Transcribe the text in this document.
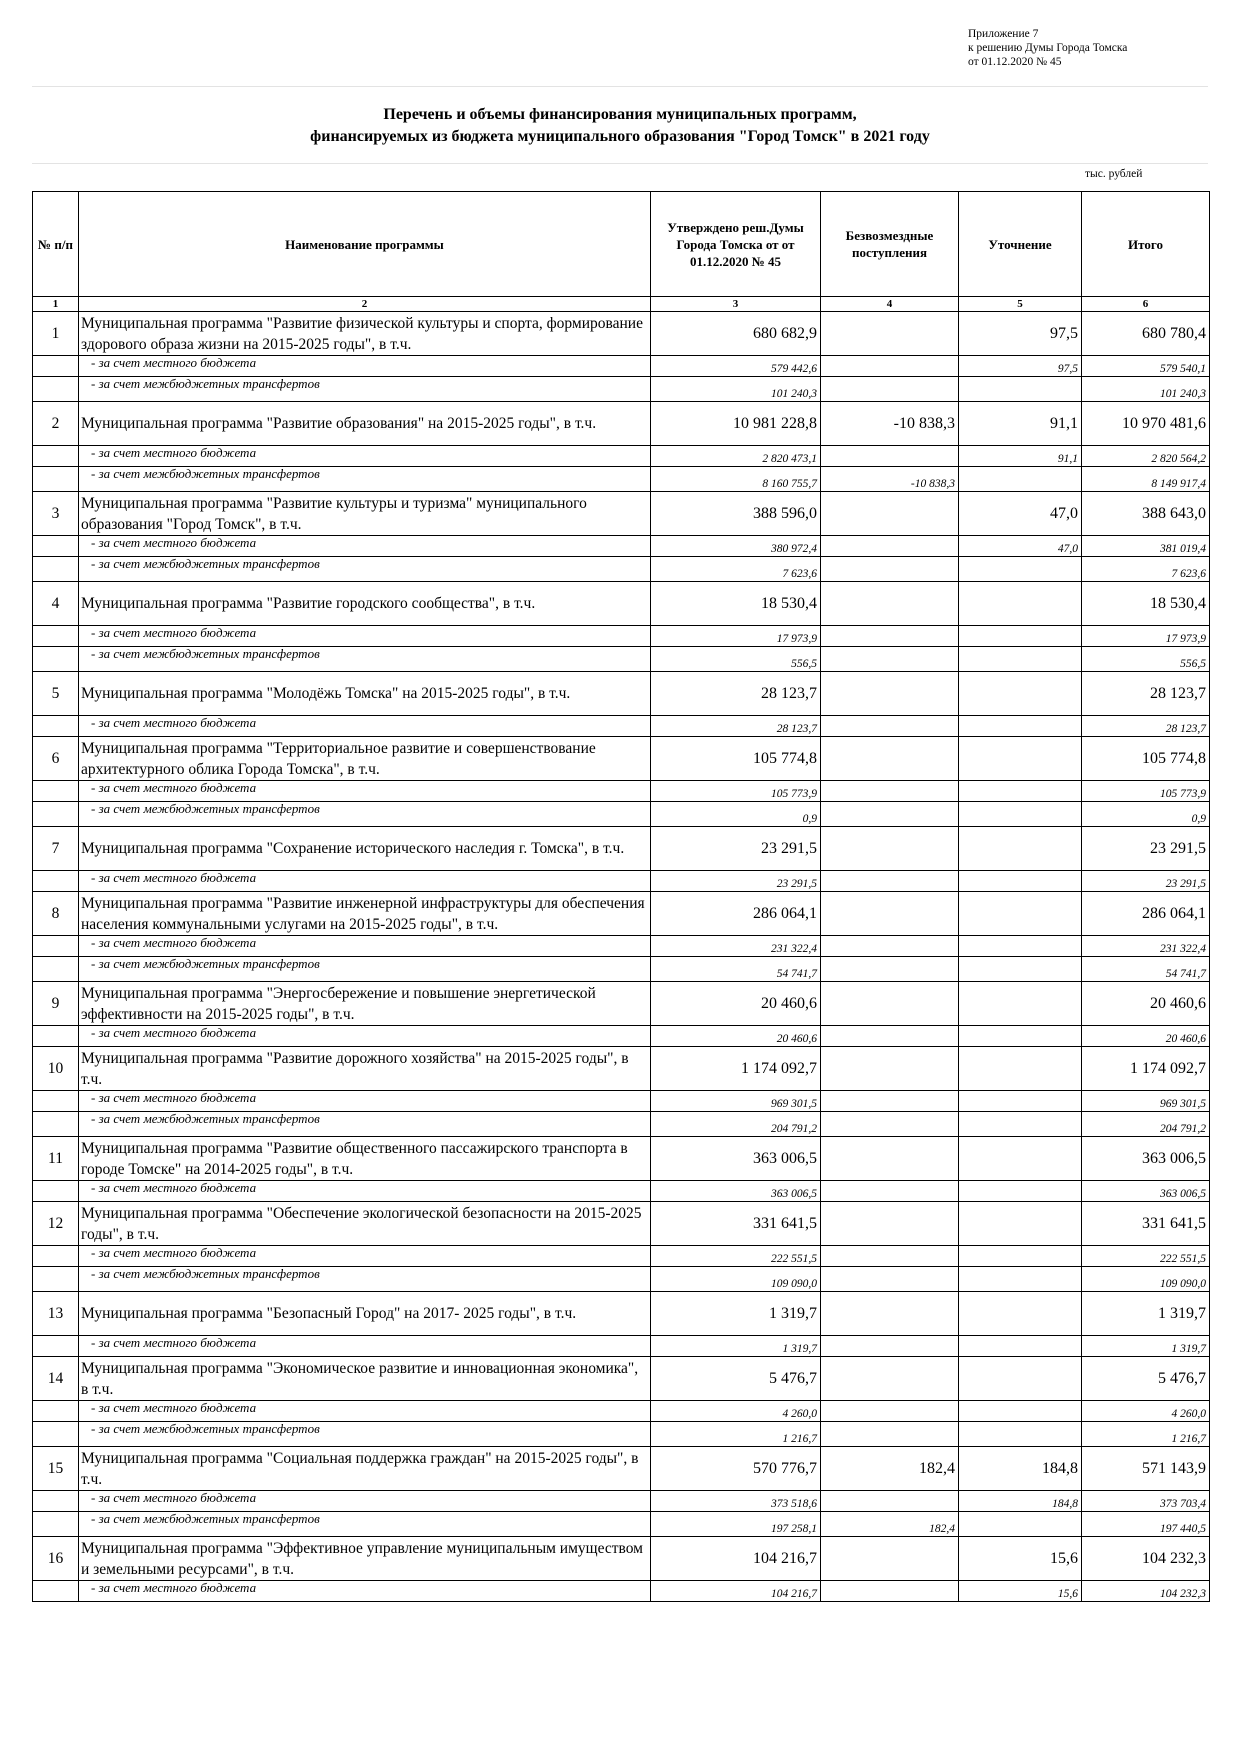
Приложение 7
к решению Думы Города Томска
от 01.12.2020 № 45
Перечень и объемы финансирования муниципальных программ,
финансируемых из бюджета муниципального образования "Город Томск" в 2021 году
тыс. рублей
№ п/п	Наименование программы	Утверждено реш.Думы Города Томска от от 01.12.2020 № 45	Безвозмездные поступления	Уточнение	Итого
1	2	3	4	5	6
1	Муниципальная программа "Развитие физической культуры и спорта, формирование здорового образа жизни на 2015-2025 годы", в т.ч.	680 682,9		97,5	680 780,4
	- за счет местного бюджета	579 442,6		97,5	579 540,1
	- за счет межбюджетных трансфертов	101 240,3			101 240,3
2	Муниципальная программа "Развитие образования" на 2015-2025 годы", в т.ч.	10 981 228,8	-10 838,3	91,1	10 970 481,6
	- за счет местного бюджета	2 820 473,1		91,1	2 820 564,2
	- за счет межбюджетных трансфертов	8 160 755,7	-10 838,3		8 149 917,4
3	Муниципальная программа "Развитие культуры и туризма" муниципального образования "Город Томск", в т.ч.	388 596,0		47,0	388 643,0
	- за счет местного бюджета	380 972,4		47,0	381 019,4
	- за счет межбюджетных трансфертов	7 623,6			7 623,6
4	Муниципальная программа "Развитие городского сообщества", в т.ч.	18 530,4			18 530,4
	- за счет местного бюджета	17 973,9			17 973,9
	- за счет межбюджетных трансфертов	556,5			556,5
5	Муниципальная программа "Молодёжь Томска" на 2015-2025 годы", в т.ч.	28 123,7			28 123,7
	- за счет местного бюджета	28 123,7			28 123,7
6	Муниципальная программа "Территориальное развитие и совершенствование архитектурного облика Города Томска", в т.ч.	105 774,8			105 774,8
	- за счет местного бюджета	105 773,9			105 773,9
	- за счет межбюджетных трансфертов	0,9			0,9
7	Муниципальная программа "Сохранение исторического наследия г. Томска", в т.ч.	23 291,5			23 291,5
	- за счет местного бюджета	23 291,5			23 291,5
8	Муниципальная программа "Развитие инженерной инфраструктуры для обеспечения населения коммунальными услугами на 2015-2025 годы", в т.ч.	286 064,1			286 064,1
	- за счет местного бюджета	231 322,4			231 322,4
	- за счет межбюджетных трансфертов	54 741,7			54 741,7
9	Муниципальная программа "Энергосбережение и повышение энергетической эффективности на 2015-2025 годы", в т.ч.	20 460,6			20 460,6
	- за счет местного бюджета	20 460,6			20 460,6
10	Муниципальная программа "Развитие дорожного хозяйства" на 2015-2025 годы", в т.ч.	1 174 092,7			1 174 092,7
	- за счет местного бюджета	969 301,5			969 301,5
	- за счет межбюджетных трансфертов	204 791,2			204 791,2
11	Муниципальная программа "Развитие общественного пассажирского транспорта в городе Томске" на 2014-2025 годы", в т.ч.	363 006,5			363 006,5
	- за счет местного бюджета	363 006,5			363 006,5
12	Муниципальная программа "Обеспечение экологической безопасности на 2015-2025 годы", в т.ч.	331 641,5			331 641,5
	- за счет местного бюджета	222 551,5			222 551,5
	- за счет межбюджетных трансфертов	109 090,0			109 090,0
13	Муниципальная программа "Безопасный Город" на 2017- 2025 годы", в т.ч.	1 319,7			1 319,7
	- за счет местного бюджета	1 319,7			1 319,7
14	Муниципальная программа "Экономическое развитие и инновационная экономика", в т.ч.	5 476,7			5 476,7
	- за счет местного бюджета	4 260,0			4 260,0
	- за счет межбюджетных трансфертов	1 216,7			1 216,7
15	Муниципальная программа "Социальная поддержка граждан" на 2015-2025 годы", в т.ч.	570 776,7	182,4	184,8	571 143,9
	- за счет местного бюджета	373 518,6		184,8	373 703,4
	- за счет межбюджетных трансфертов	197 258,1	182,4		197 440,5
16	Муниципальная программа "Эффективное управление муниципальным имуществом и земельными ресурсами", в т.ч.	104 216,7		15,6	104 232,3
	- за счет местного бюджета	104 216,7		15,6	104 232,3
